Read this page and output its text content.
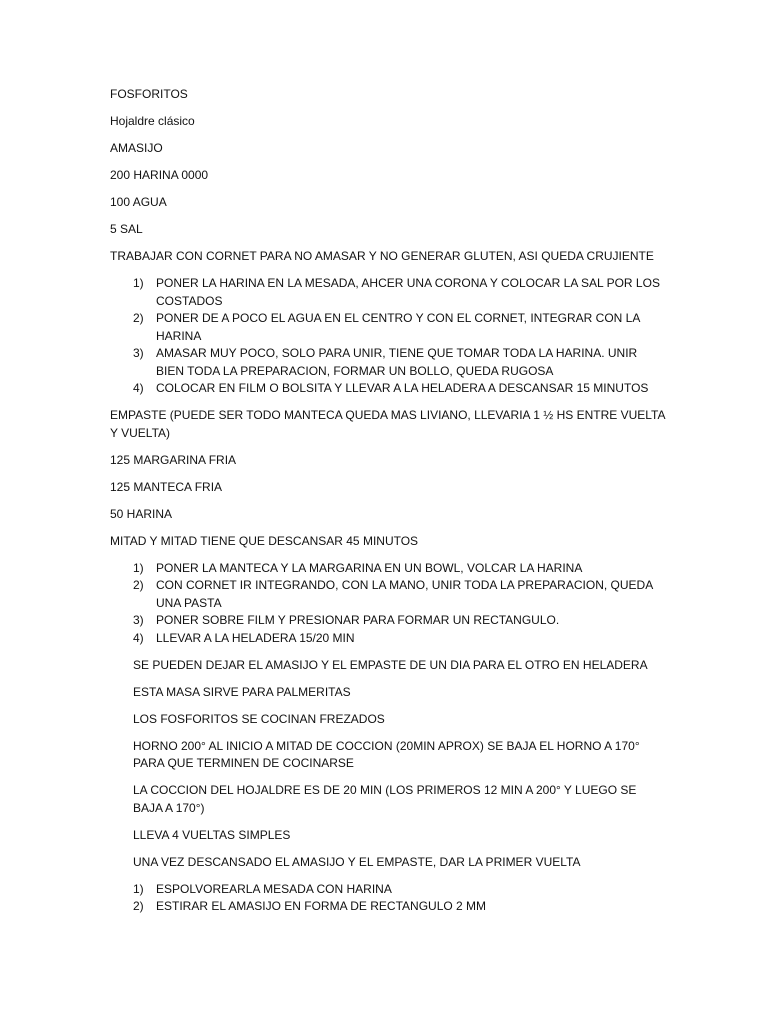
FOSFORITOS

Hojaldre clásico

AMASIJO

200 HARINA 0000

100 AGUA

5 SAL

TRABAJAR CON CORNET PARA NO AMASAR Y NO GENERAR GLUTEN, ASI QUEDA CRUJIENTE

1) PONER LA HARINA EN LA MESADA, AHCER UNA CORONA Y COLOCAR LA SAL POR LOS COSTADOS
2) PONER DE A POCO EL AGUA EN EL CENTRO Y CON EL CORNET, INTEGRAR CON LA HARINA
3) AMASAR MUY POCO, SOLO PARA UNIR, TIENE QUE TOMAR TODA LA HARINA. UNIR BIEN TODA LA PREPARACION, FORMAR UN BOLLO, QUEDA RUGOSA
4) COLOCAR EN FILM O BOLSITA Y LLEVAR A LA HELADERA A DESCANSAR 15 MINUTOS

EMPASTE (PUEDE SER TODO MANTECA QUEDA MAS LIVIANO, LLEVARIA 1 ½ HS ENTRE VUELTA Y VUELTA)

125 MARGARINA FRIA

125 MANTECA FRIA

50 HARINA

MITAD Y MITAD TIENE QUE DESCANSAR 45 MINUTOS

1) PONER LA MANTECA Y LA MARGARINA EN UN BOWL, VOLCAR LA HARINA
2) CON CORNET IR INTEGRANDO, CON LA MANO, UNIR TODA LA PREPARACION, QUEDA UNA PASTA
3) PONER SOBRE FILM Y PRESIONAR PARA FORMAR UN RECTANGULO.
4) LLEVAR A LA HELADERA 15/20 MIN

SE PUEDEN DEJAR EL AMASIJO Y EL EMPASTE DE UN DIA PARA EL OTRO EN HELADERA

ESTA MASA SIRVE PARA PALMERITAS

LOS FOSFORITOS SE COCINAN FREZADOS

HORNO 200° AL INICIO A MITAD DE COCCION (20MIN APROX) SE BAJA EL HORNO A 170° PARA QUE TERMINEN DE COCINARSE

LA COCCION DEL HOJALDRE ES DE 20 MIN (LOS PRIMEROS 12 MIN A 200° Y LUEGO SE BAJA A 170°)

LLEVA 4 VUELTAS SIMPLES

UNA VEZ DESCANSADO EL AMASIJO Y EL EMPASTE, DAR LA PRIMER VUELTA

1) ESPOLVOREARLA MESADA CON HARINA
2) ESTIRAR EL AMASIJO EN FORMA DE RECTANGULO 2 MM
